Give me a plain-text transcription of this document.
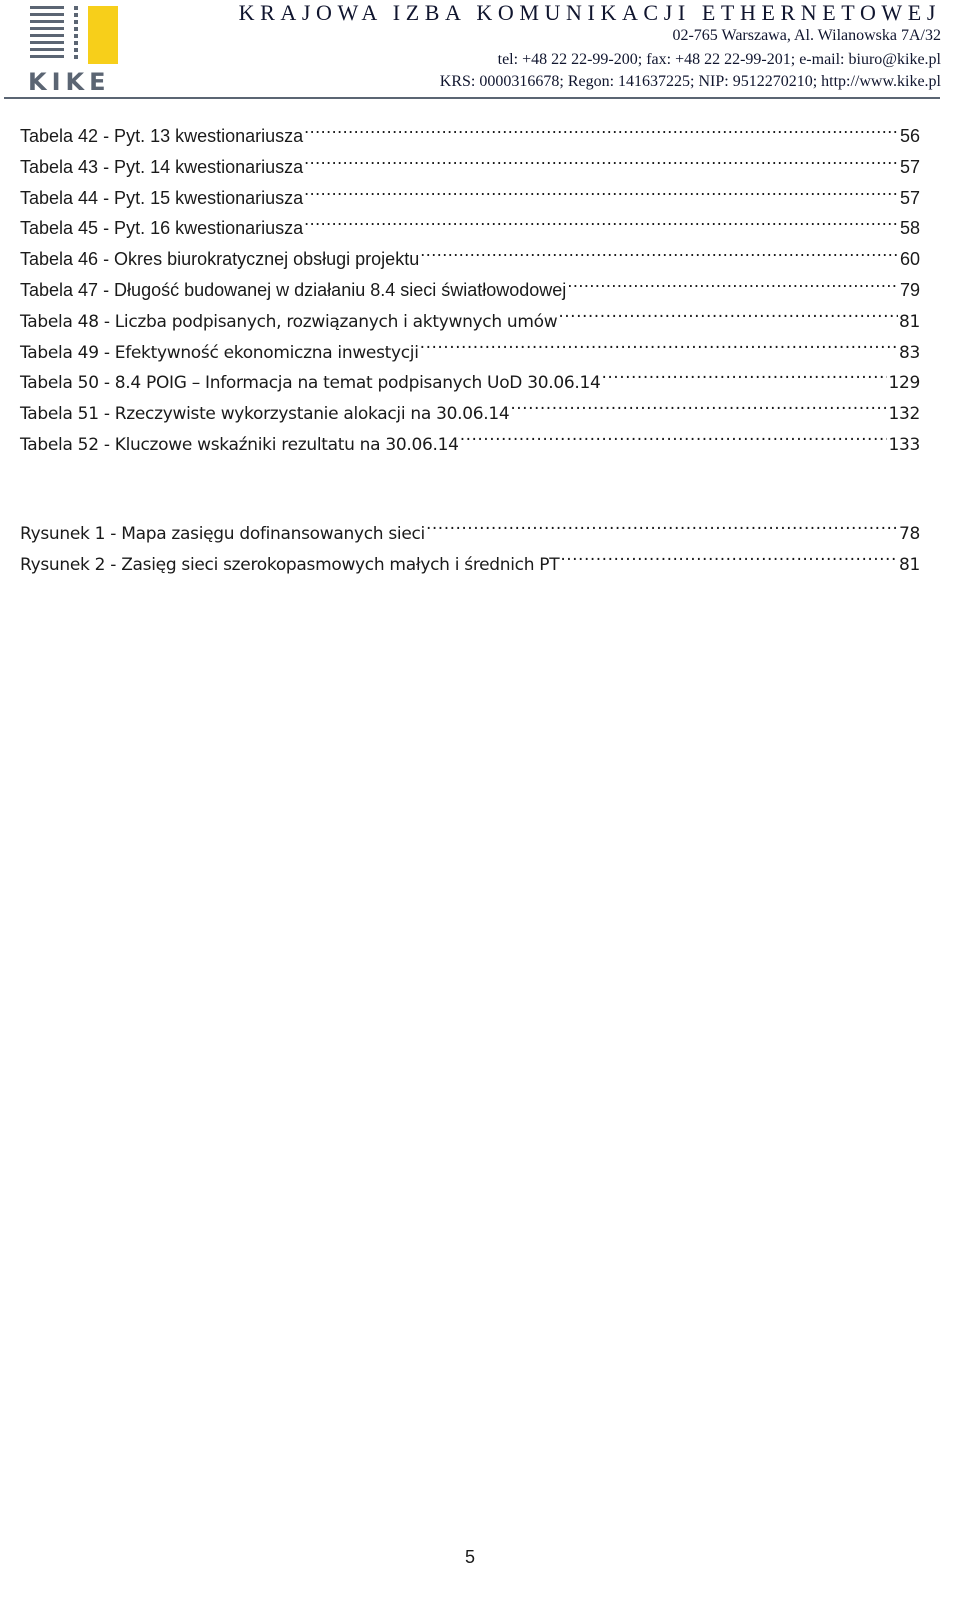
KIKE
KRAJOWA IZBA KOMUNIKACJI ETHERNETOWEJ
02-765 Warszawa, Al. Wilanowska 7A/32
tel: +48 22 22-99-200; fax: +48 22 22-99-201; e-mail: biuro@kike.pl
KRS: 0000316678; Regon: 141637225; NIP: 9512270210; http://www.kike.pl
Tabela 42 - Pyt. 13 kwestionariusza .....	56
Tabela 43 - Pyt. 14 kwestionariusza .....	57
Tabela 44 - Pyt. 15 kwestionariusza .....	57
Tabela 45 - Pyt. 16 kwestionariusza .....	58
Tabela 46 - Okres biurokratycznej obsługi projektu .....	60
Tabela 47 - Długość budowanej w działaniu 8.4 sieci światłowodowej .....	79
Tabela 48 - Liczba podpisanych, rozwiązanych i aktywnych umów .....	81
Tabela 49 - Efektywność ekonomiczna inwestycji .....	83
Tabela 50 - 8.4 POIG – Informacja na temat podpisanych UoD 30.06.14 .....	129
Tabela 51 - Rzeczywiste wykorzystanie alokacji na 30.06.14 .....	132
Tabela 52 - Kluczowe wskaźniki rezultatu na 30.06.14 .....	133
Rysunek 1 - Mapa zasięgu dofinansowanych sieci .....	78
Rysunek 2 - Zasięg sieci szerokopasmowych małych i średnich PT .....	81
5
